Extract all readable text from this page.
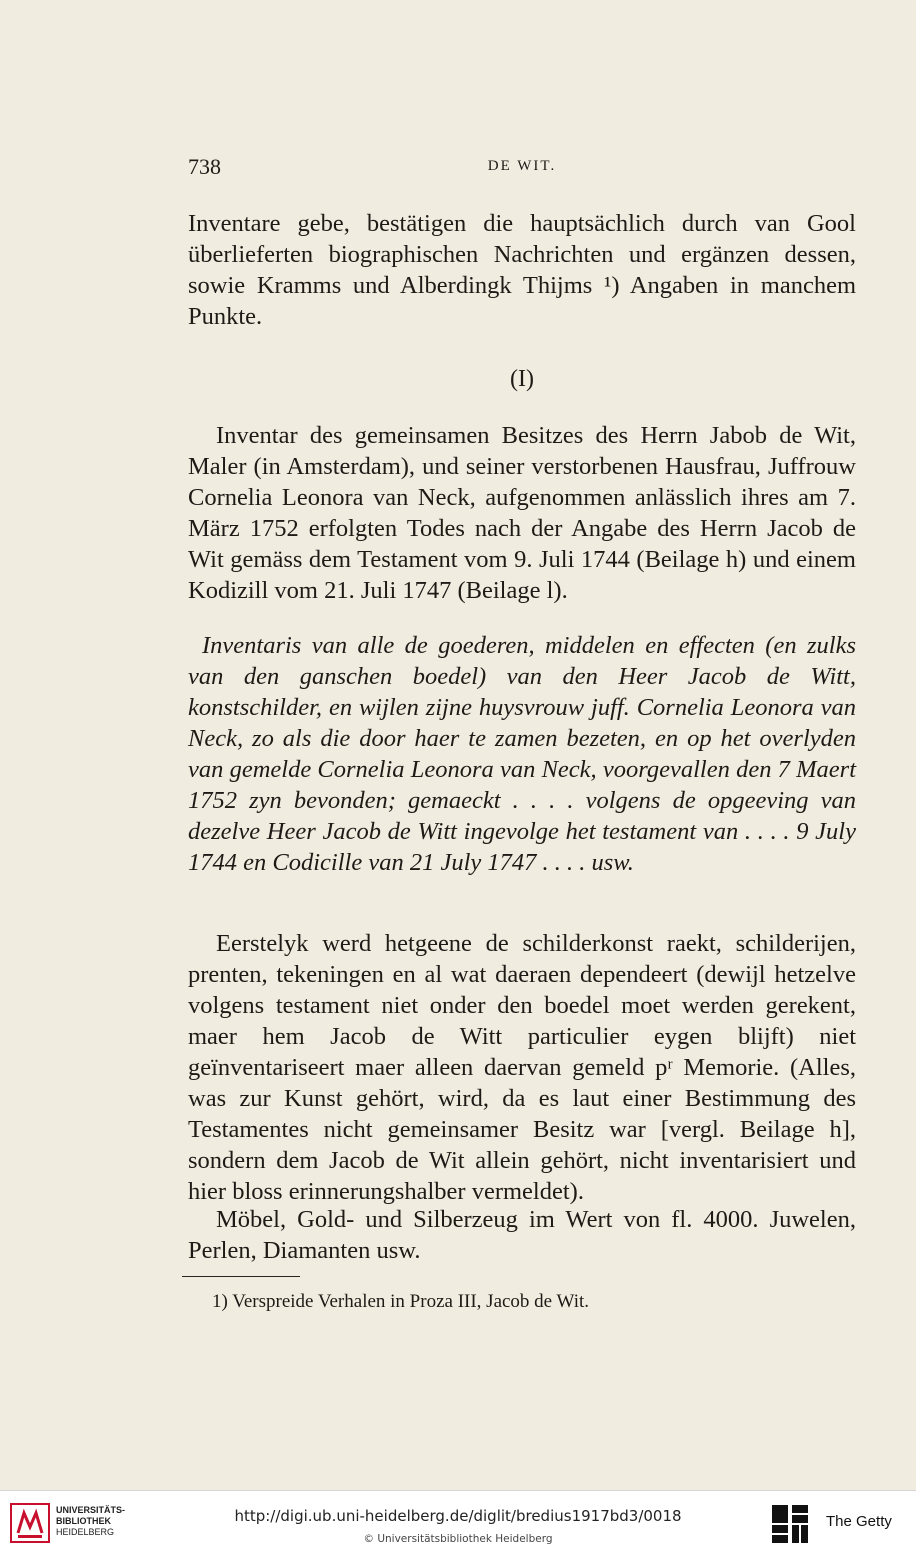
738	DE WIT.
Inventare gebe, bestätigen die hauptsächlich durch van Gool überlieferten biographischen Nachrichten und ergänzen dessen, sowie Kramms und Alberdingk Thijms ¹) Angaben in manchem Punkte.
(I)
Inventar des gemeinsamen Besitzes des Herrn Jabob de Wit, Maler (in Amsterdam), und seiner verstorbenen Hausfrau, Juffrouw Cornelia Leonora van Neck, aufgenommen anlässlich ihres am 7. März 1752 erfolgten Todes nach der Angabe des Herrn Jacob de Wit gemäss dem Testament vom 9. Juli 1744 (Beilage h) und einem Kodizill vom 21. Juli 1747 (Beilage l).
Inventaris van alle de goederen, middelen en effecten (en zulks van den ganschen boedel) van den Heer Jacob de Witt, konstschilder, en wijlen zijne huysvrouw juff. Cornelia Leonora van Neck, zo als die door haer te zamen bezeten, en op het overlyden van gemelde Cornelia Leonora van Neck, voorgevallen den 7 Maert 1752 zyn bevonden; gemaeckt . . . . volgens de opgeeving van dezelve Heer Jacob de Witt ingevolge het testament van . . . . 9 July 1744 en Codicille van 21 July 1747 . . . . usw.
Eerstelyk werd hetgeene de schilderkonst raekt, schilderijen, prenten, tekeningen en al wat daeraen dependeert (dewijl hetzelve volgens testament niet onder den boedel moet werden gerekent, maer hem Jacob de Witt particulier eygen blijft) niet geïnventariseert maer alleen daervan gemeld pʳ Memorie. (Alles, was zur Kunst gehört, wird, da es laut einer Bestimmung des Testamentes nicht gemeinsamer Besitz war [vergl. Beilage h], sondern dem Jacob de Wit allein gehört, nicht inventarisiert und hier bloss erinnerungshalber vermeldet).
Möbel, Gold- und Silberzeug im Wert von fl. 4000. Juwelen, Perlen, Diamanten usw.
1) Verspreide Verhalen in Proza III, Jacob de Wit.
UNIVERSITÄTS-
BIBLIOTHEK
HEIDELBERG
http://digi.ub.uni-heidelberg.de/diglit/bredius1917bd3/0018
© Universitätsbibliothek Heidelberg
The Getty
